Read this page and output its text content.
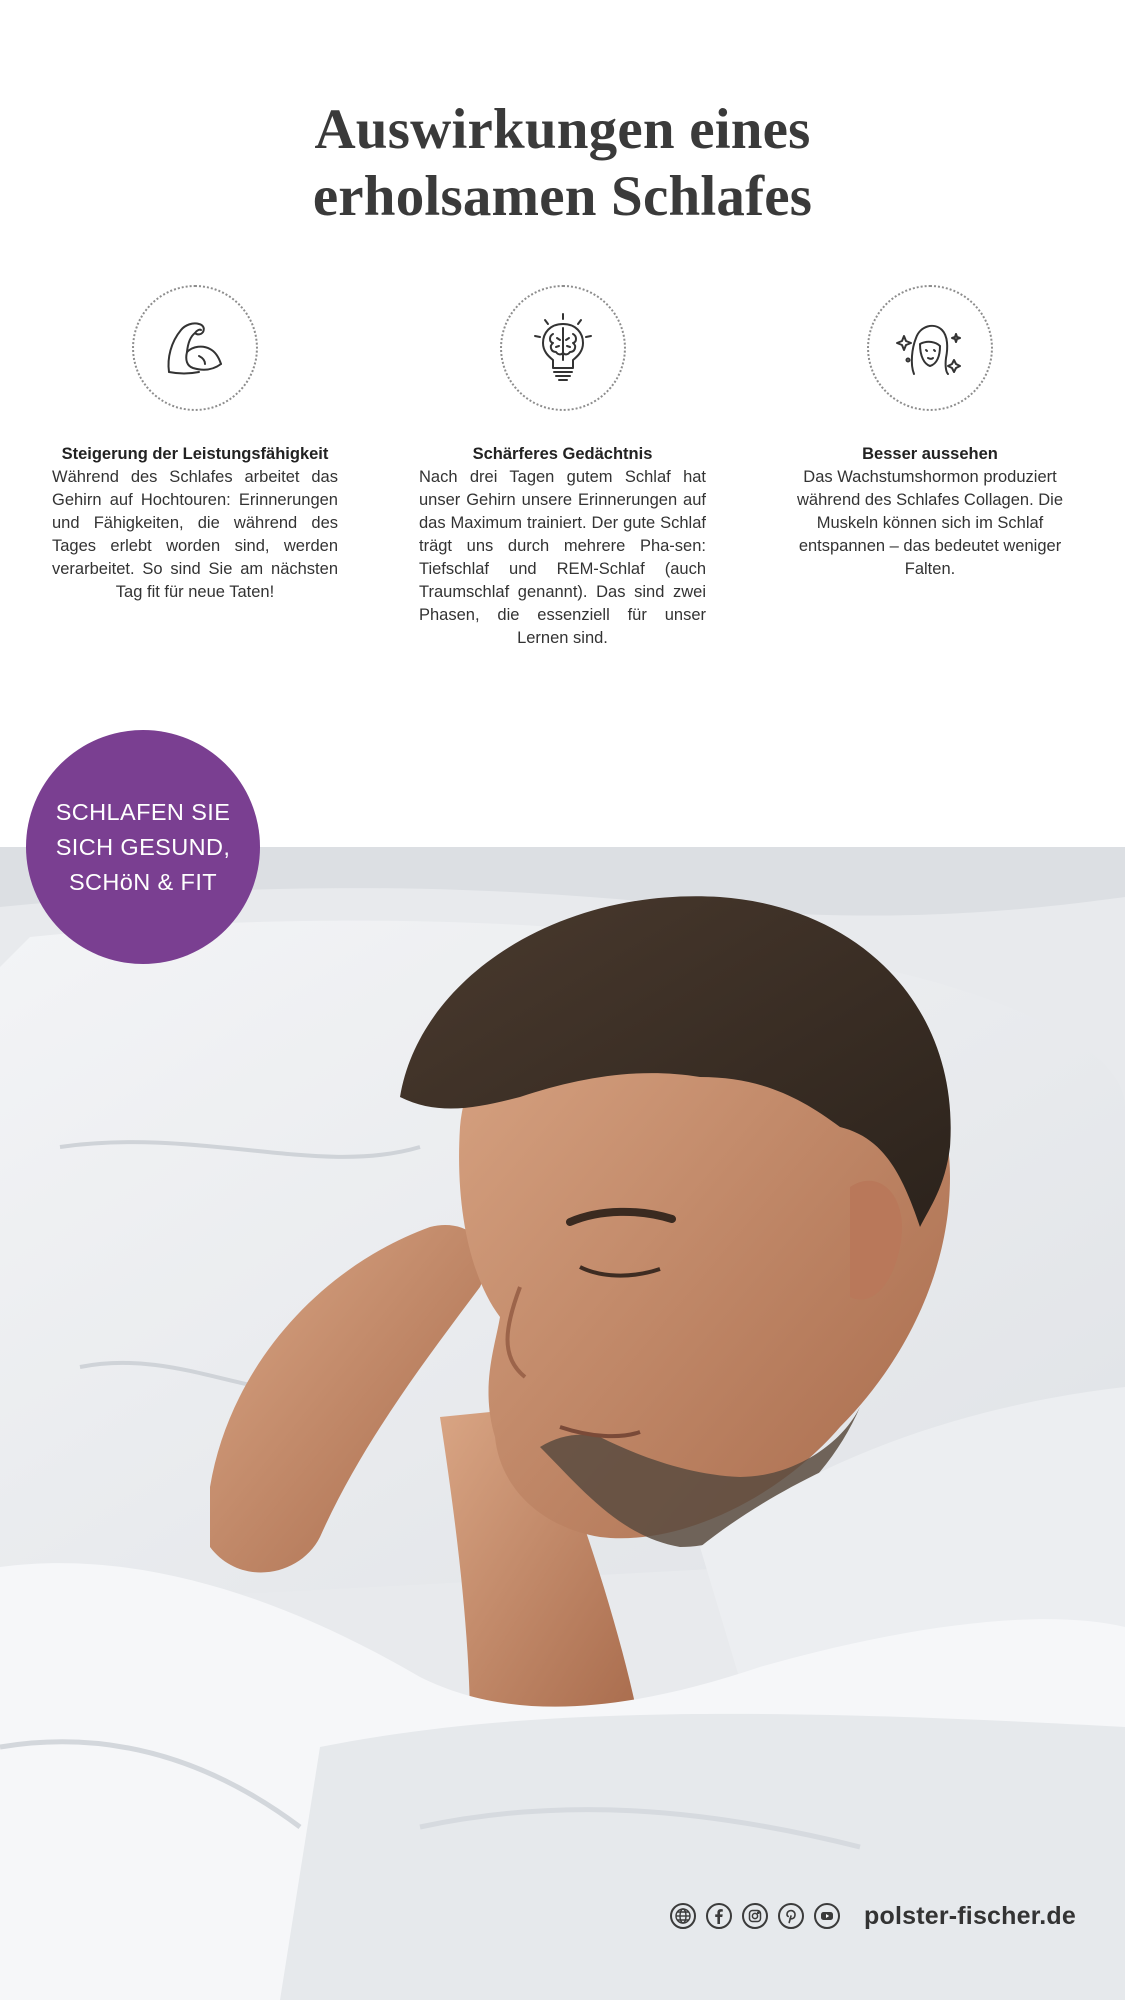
Auswirkungen eines
erholsamen Schlafes
Steigerung der Leistungsfähigkeit

Während des Schlafes arbeitet das Gehirn auf Hochtouren: Erinnerungen und Fähigkeiten, die während des Tages erlebt worden sind, werden verarbeitet. So sind Sie am nächsten Tag fit für neue Taten!

Schärferes Gedächtnis

Nach drei Tagen gutem Schlaf hat unser Gehirn unsere Erinnerungen auf das Maximum trainiert. Der gute Schlaf trägt uns durch mehrere Pha-sen: Tiefschlaf und REM-Schlaf (auch Traumschlaf genannt). Das sind zwei Phasen, die essenziell für unser Lernen sind.

Besser aussehen

Das Wachstumshormon produziert während des Schlafes Collagen. Die Muskeln können sich im Schlaf entspannen – das bedeutet weniger Falten.

SCHLAFEN SIE
SICH GESUND,
SCHöN & FIT
polster-fischer.de
